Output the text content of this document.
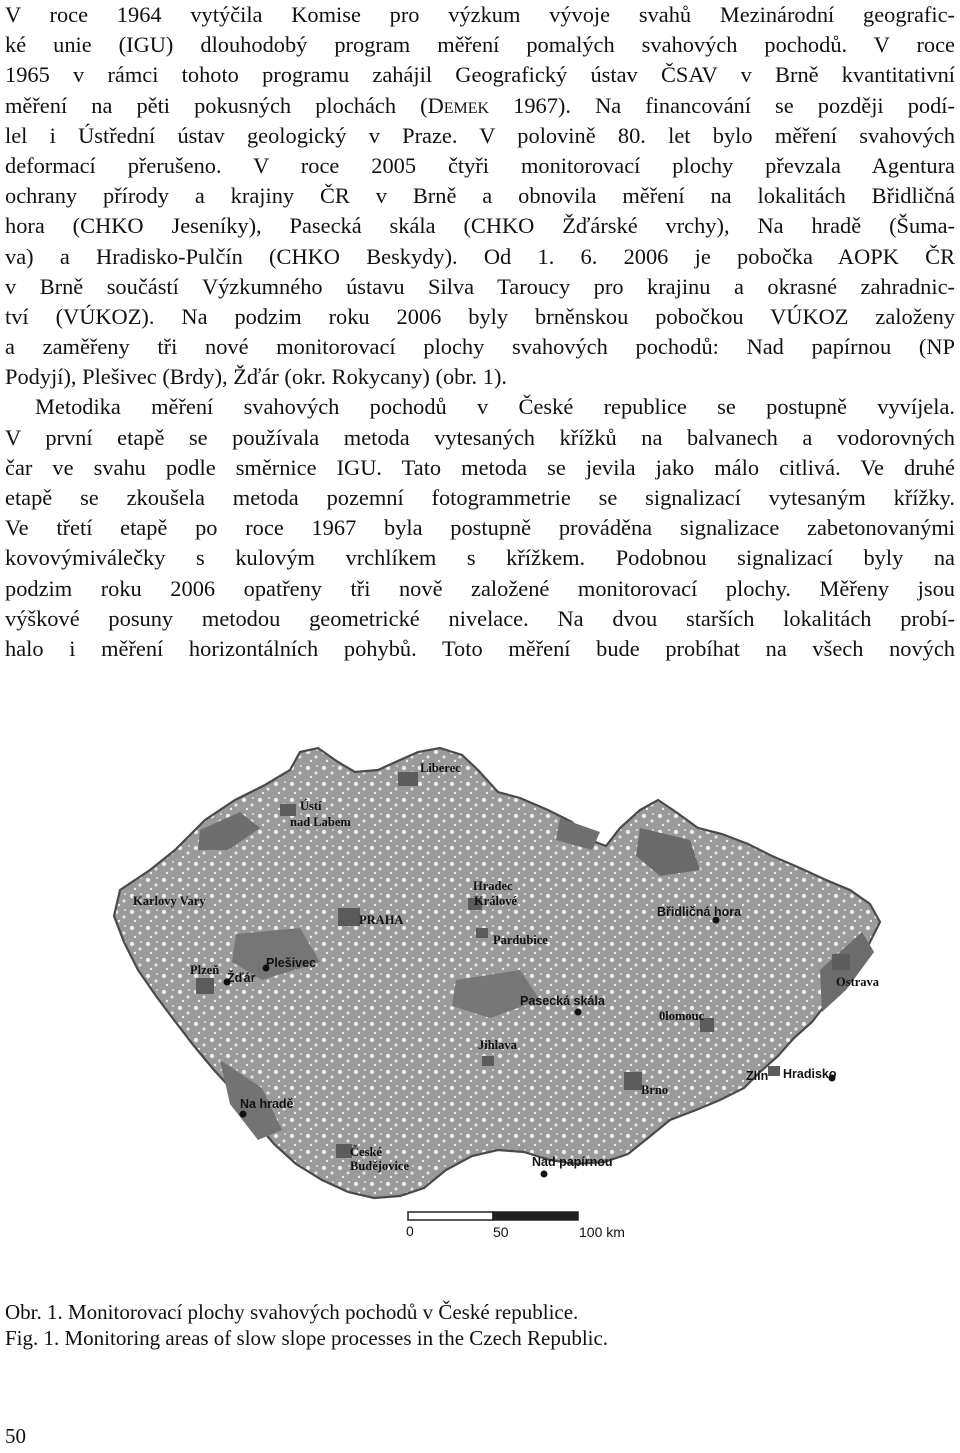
V roce 1964 vytýčila Komise pro výzkum vývoje svahů Mezinárodní geografic-
ké unie (IGU) dlouhodobý program měření pomalých svahových pochodů. V roce
1965 v rámci tohoto programu zahájil Geografický ústav ČSAV v Brně kvantitativní
měření na pěti pokusných plochách (Demek 1967). Na financování se později podí-
lel i Ústřední ústav geologický v Praze. V polovině 80. let bylo měření svahových
deformací přerušeno. V roce 2005 čtyři monitorovací plochy převzala Agentura
ochrany přírody a krajiny ČR v Brně a obnovila měření na lokalitách Břidličná
hora (CHKO Jeseníky), Pasecká skála (CHKO Žďárské vrchy), Na hradě (Šuma-
va) a Hradisko-Pulčín (CHKO Beskydy). Od 1. 6. 2006 je pobočka AOPK ČR
v Brně součástí Výzkumného ústavu Silva Taroucy pro krajinu a okrasné zahradnic-
tví (VÚKOZ). Na podzim roku 2006 byly brněnskou pobočkou VÚKOZ založeny
a zaměřeny tři nové monitorovací plochy svahových pochodů: Nad papírnou (NP
Podyjí), Plešivec (Brdy), Žďár (okr. Rokycany) (obr. 1).
Metodika měření svahových pochodů v České republice se postupně vyvíjela.
V první etapě se používala metoda vytesaných křížků na balvanech a vodorovných
čar ve svahu podle směrnice IGU. Tato metoda se jevila jako málo citlivá. Ve druhé
etapě se zkoušela metoda pozemní fotogrammetrie se signalizací vytesaným křížky.
Ve třetí etapě po roce 1967 byla postupně prováděna signalizace zabetonovanými
kovovýmiválečky s kulovým vrchlíkem s křížkem. Podobnou signalizací byly na
podzim roku 2006 opatřeny tři nově založené monitorovací plochy. Měřeny jsou
výškové posuny metodou geometrické nivelace. Na dvou starších lokalitách probí-
halo i měření horizontálních pohybů. Toto měření bude probíhat na všech nových
Liberec
Ústí
nad Labem
Karlovy Vary
PRAHA
Hradec
Králové
Pardubice
Břidličná hora
Plzeň
Žďár
Plešivec
Ostrava
Pasecká skála
0lomouc
Jihlava
Zlín Hradisko
Brno
Na hradě
České
Budějovice	Nad papírnou
0	50	100 km
Obr. 1. Monitorovací plochy svahových pochodů v České republice.
Fig. 1. Monitoring areas of slow slope processes in the Czech Republic.
50
